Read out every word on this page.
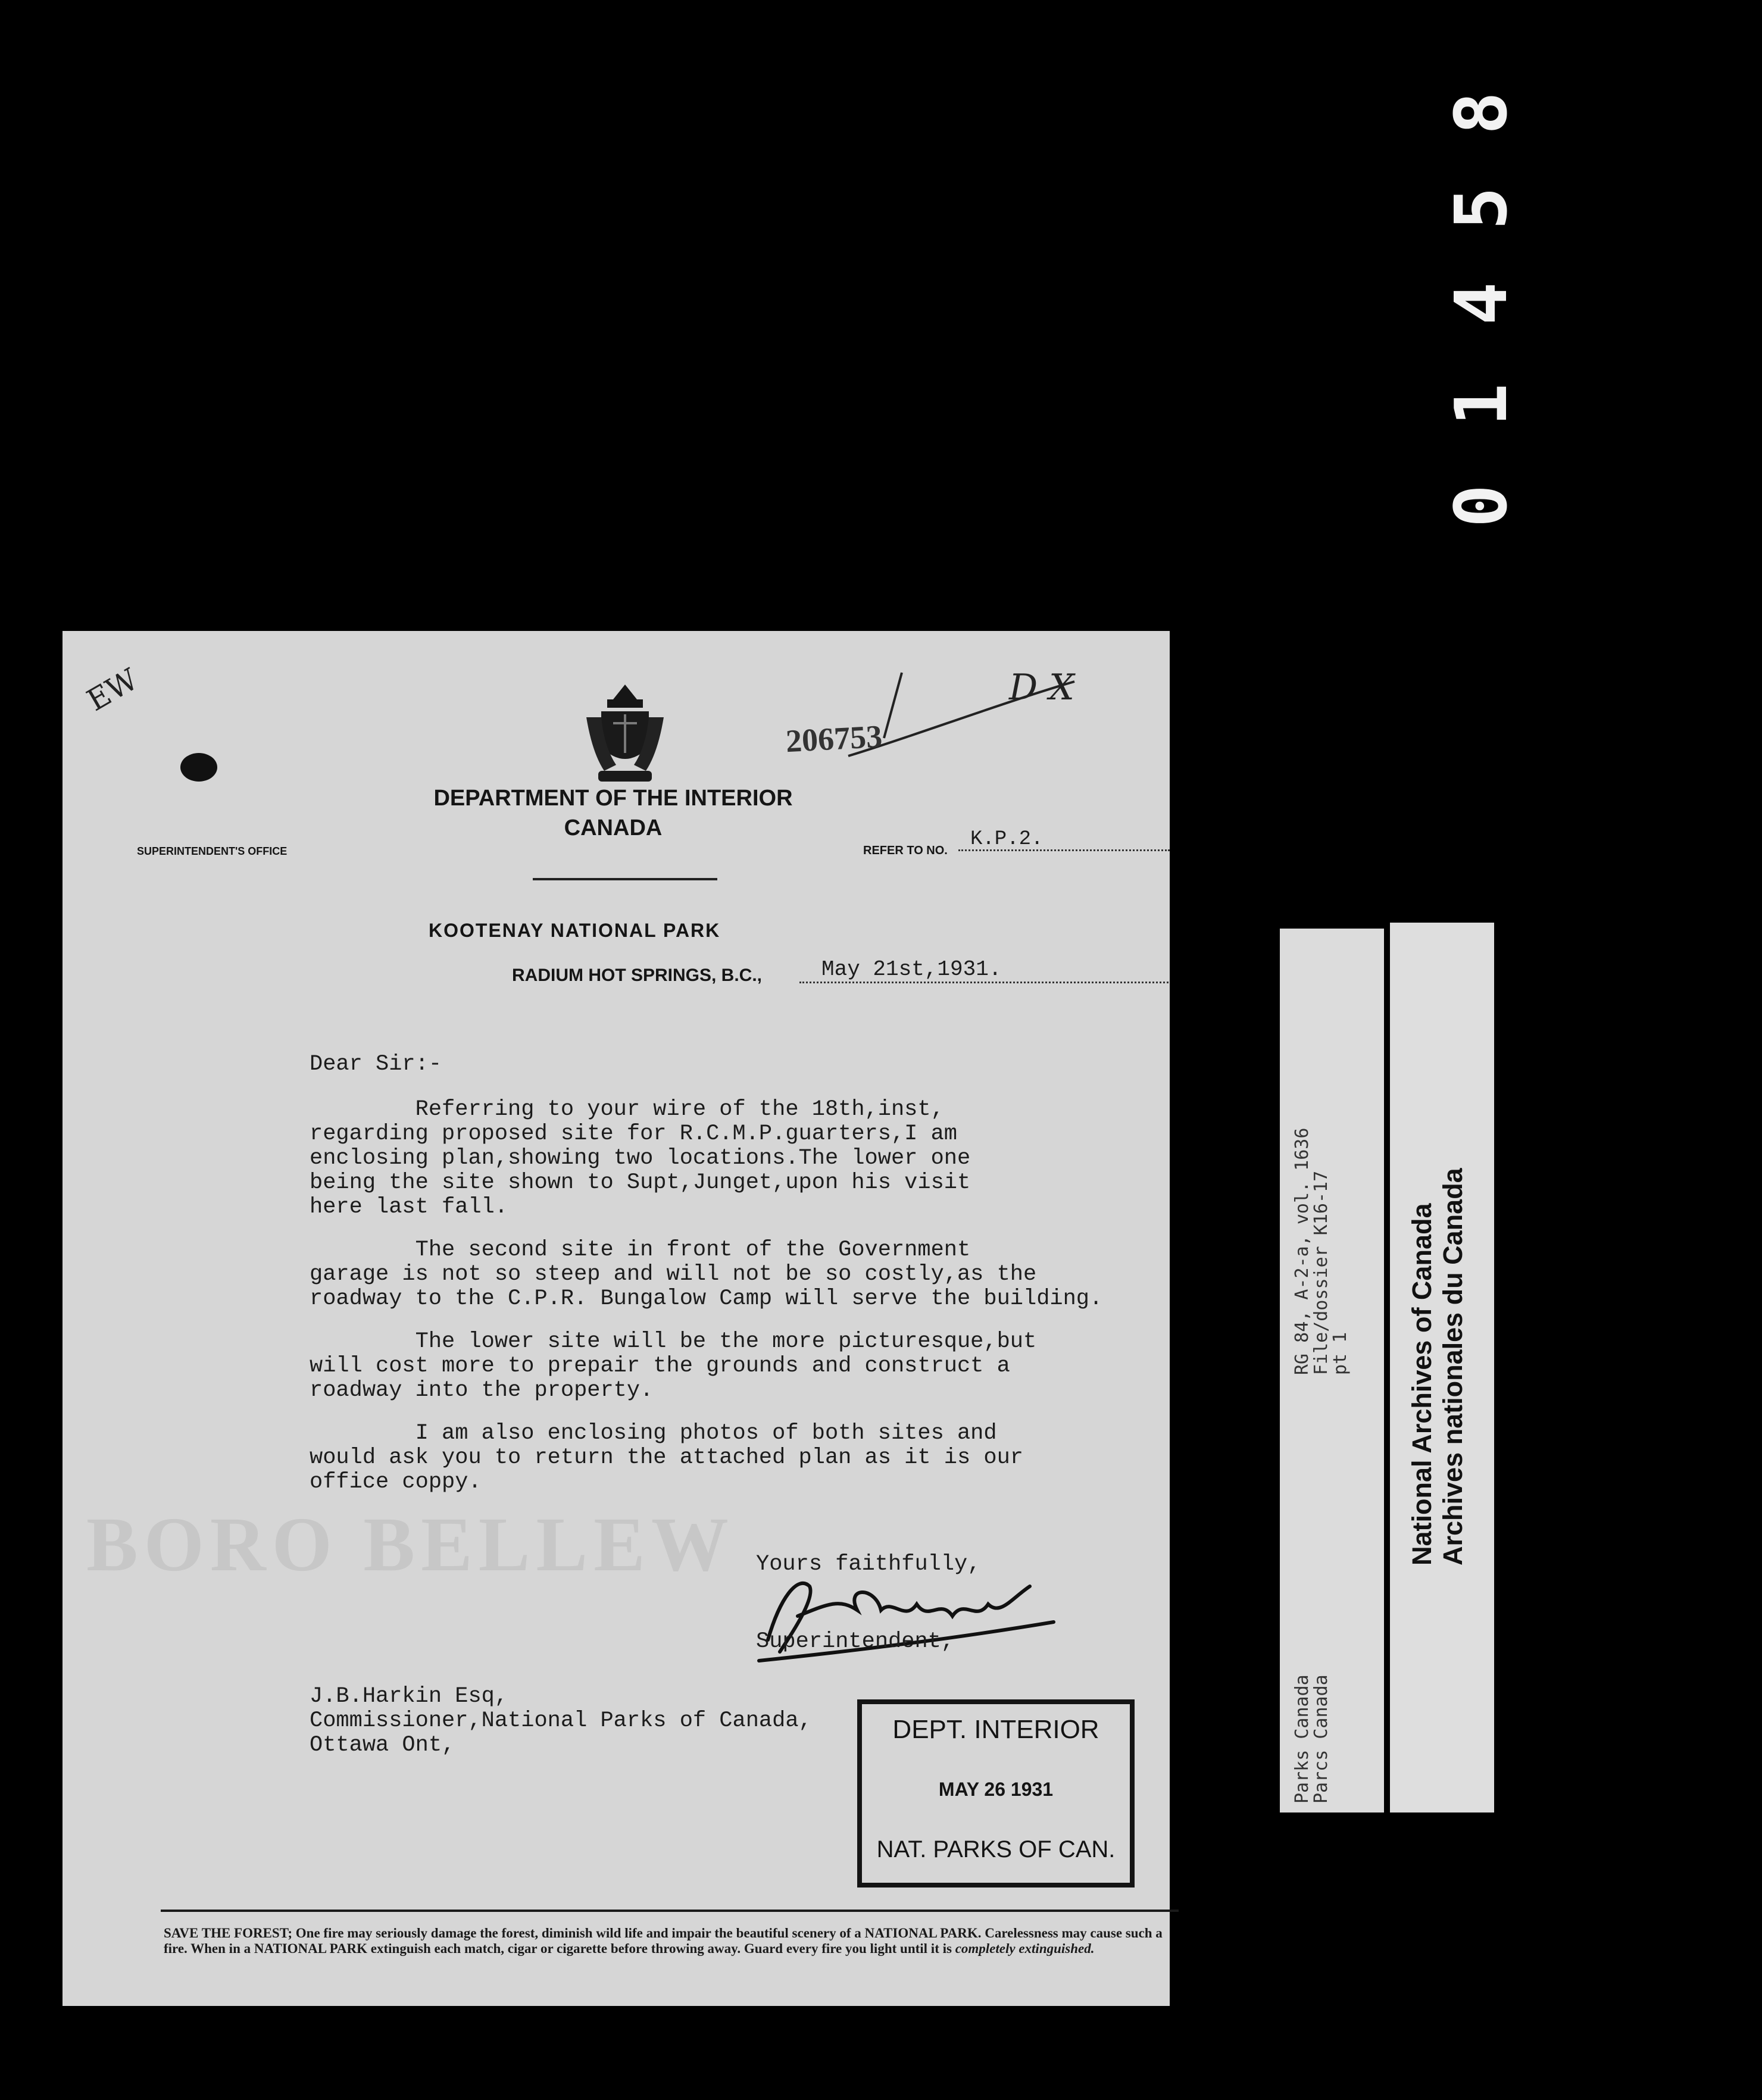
8
5
4
1
0
BORO BELLEW
EW	D X
206753
DEPARTMENT OF THE INTERIOR
CANADA
SUPERINTENDENT'S OFFICE	REFER TO NO. K.P.2.
KOOTENAY NATIONAL PARK
RADIUM HOT SPRINGS, B.C.,	May 21st,1931.
Dear Sir:-

Referring to your wire of the 18th,inst,

regarding proposed site for R.C.M.P.guarters,I am

enclosing plan,showing two locations.The lower one

being the site shown to Supt,Junget,upon his visit

here last fall.

The second site in front of the Government

garage is not so steep and will not be so costly,as the

roadway to the C.P.R. Bungalow Camp will serve the building.

The lower site will be the more picturesque,but

will cost more to prepair the grounds and construct a

roadway into the property.

I am also enclosing photos of both sites and

would ask you to return the attached plan as it is our

office coppy.

Yours faithfully,
Superintendent,
J.B.Harkin Esq,
Commissioner,National Parks of Canada,
Ottawa Ont,
DEPT. INTERIOR
MAY 26 1931
NAT. PARKS OF CAN.
SAVE THE FOREST; One fire may seriously damage the forest, diminish wild life and impair the beautiful scenery of a NATIONAL PARK. Carelessness may cause such a fire. When in a NATIONAL PARK extinguish each match, cigar or cigarette before throwing away. Guard every fire you light until it is completely extinguished.
RG 84, A-2-a, vol. 1636
File/dossier K16-17
pt 1
Parks Canada
Parcs Canada
National Archives of Canada Archives nationales du Canada
